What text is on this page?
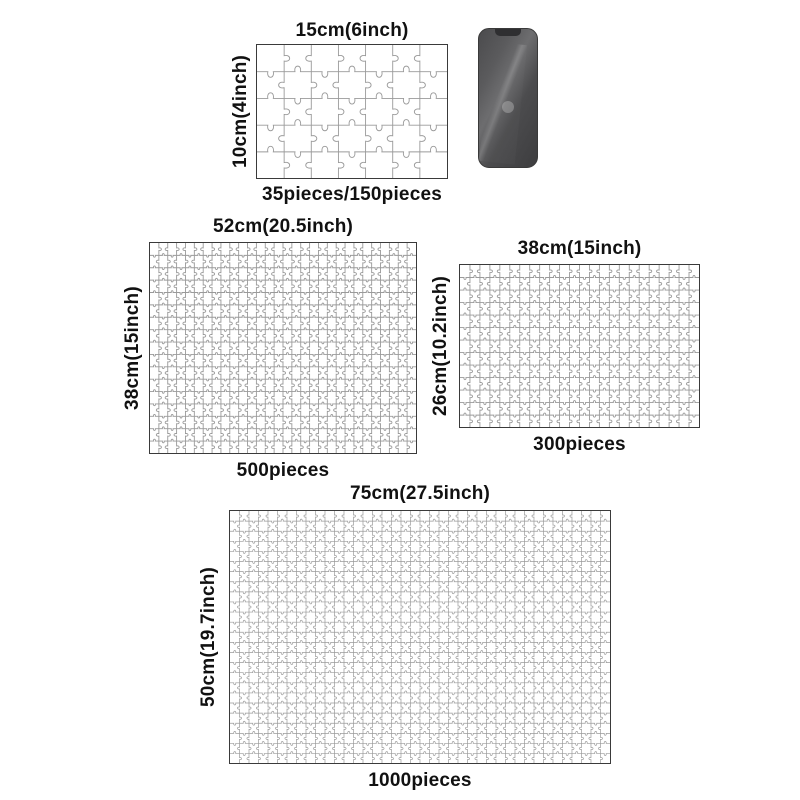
15cm(6inch)
10cm(4inch)
35pieces/150pieces
52cm(20.5inch)
38cm(15inch)
500pieces
38cm(15inch)
26cm(10.2inch)
300pieces
75cm(27.5inch)
50cm(19.7inch)
1000pieces
